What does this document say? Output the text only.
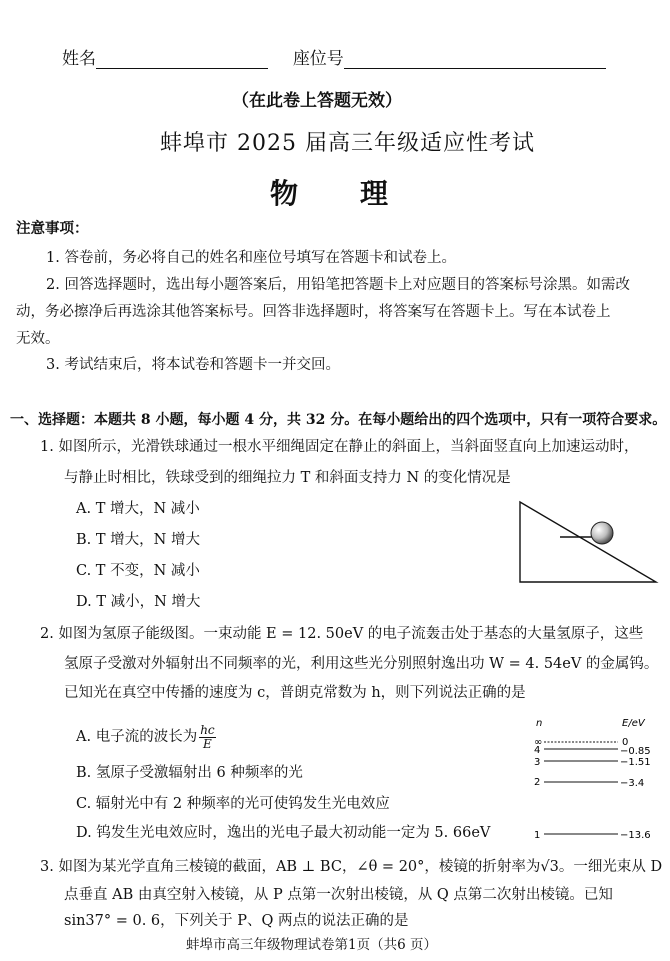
姓名	座位号
（在此卷上答题无效）
蚌埠市 2025 届高三年级适应性考试
物　　理
注意事项：
1. 答卷前，务必将自己的姓名和座位号填写在答题卡和试卷上。
2. 回答选择题时，选出每小题答案后，用铅笔把答题卡上对应题目的答案标号涂黑。如需改
动，务必擦净后再选涂其他答案标号。回答非选择题时，将答案写在答题卡上。写在本试卷上
无效。
3. 考试结束后，将本试卷和答题卡一并交回。
一、选择题：本题共 8 小题，每小题 4 分，共 32 分。在每小题给出的四个选项中，只有一项符合要求。
1. 如图所示，光滑铁球通过一根水平细绳固定在静止的斜面上，当斜面竖直向上加速运动时，
与静止时相比，铁球受到的细绳拉力 T 和斜面支持力 N 的变化情况是
A. T 增大，N 减小
B. T 增大，N 增大
C. T 不变，N 减小
D. T 减小，N 增大
2. 如图为氢原子能级图。一束动能 E = 12. 50eV 的电子流轰击处于基态的大量氢原子，这些
氢原子受激对外辐射出不同频率的光，利用这些光分别照射逸出功 W = 4. 54eV 的金属钨。
已知光在真空中传播的速度为 c，普朗克常数为 h，则下列说法正确的是
A. 电子流的波长为 $\frac{hc}{E}$
B. 氢原子受激辐射出 6 种频率的光
C. 辐射光中有 2 种频率的光可使钨发生光电效应
D. 钨发生光电效应时，逸出的光电子最大初动能一定为 5. 66eV
n	E/eV
∞	0
4	−0.85
3	−1.51
2	−3.4
1	−13.6
3. 如图为某光学直角三棱镜的截面，AB ⊥ BC，∠θ = 20°，棱镜的折射率为√3。一细光束从 D
点垂直 AB 由真空射入棱镜，从 P 点第一次射出棱镜，从 Q 点第二次射出棱镜。已知
sin37° = 0. 6，下列关于 P、Q 两点的说法正确的是
蚌埠市高三年级物理试卷第1页（共6 页）
